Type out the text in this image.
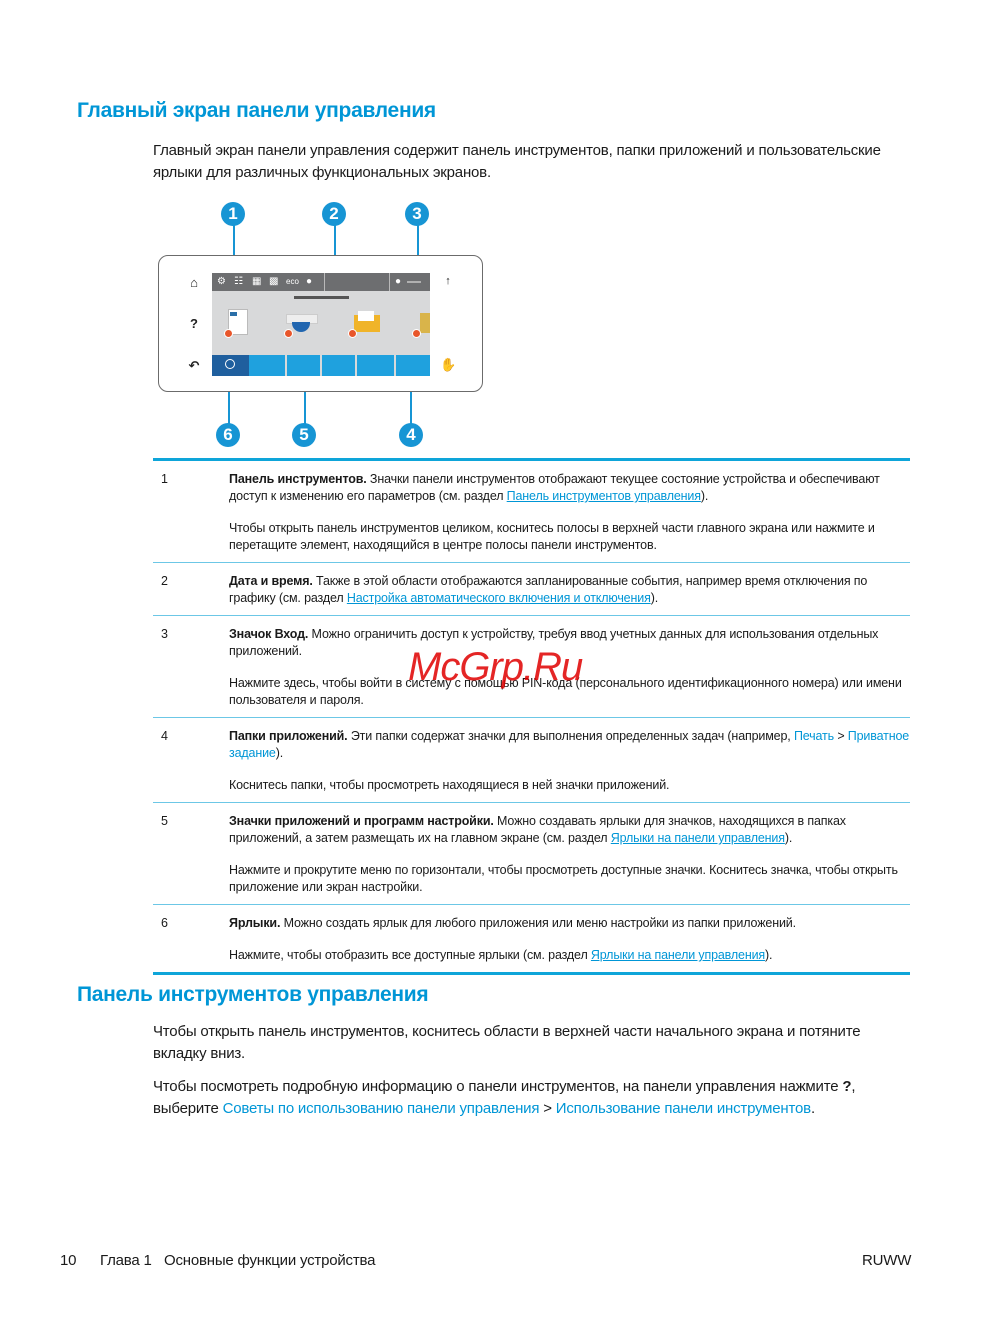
Главный экран панели управления
Главный экран панели управления содержит панель инструментов, папки приложений и пользовательские ярлыки для различных функциональных экранов.
1	2	3
4
5
6
⌂
?
↶
↑
✋
⚙ ☷ ▦ ▩ eco ●	●
1	Панель инструментов. Значки панели инструментов отображают текущее состояние устройства и обеспечивают доступ к изменению его параметров (см. раздел Панель инструментов управления).

Чтобы открыть панель инструментов целиком, коснитесь полосы в верхней части главного экрана или нажмите и перетащите элемент, находящийся в центре полосы панели инструментов.

2	Дата и время. Также в этой области отображаются запланированные события, например время отключения по графику (см. раздел Настройка автоматического включения и отключения).

3	Значок Вход. Можно ограничить доступ к устройству, требуя ввод учетных данных для использования отдельных приложений.

Нажмите здесь, чтобы войти в систему с помощью PIN-кода (персонального идентификационного номера) или имени пользователя и пароля.

4	Папки приложений. Эти папки содержат значки для выполнения определенных задач (например, Печать > Приватное задание).

Коснитесь папки, чтобы просмотреть находящиеся в ней значки приложений.

5	Значки приложений и программ настройки. Можно создавать ярлыки для значков, находящихся в папках приложений, а затем размещать их на главном экране (см. раздел Ярлыки на панели управления).

Нажмите и прокрутите меню по горизонтали, чтобы просмотреть доступные значки. Коснитесь значка, чтобы открыть приложение или экран настройки.

6	Ярлыки. Можно создать ярлык для любого приложения или меню настройки из папки приложений.

Нажмите, чтобы отобразить все доступные ярлыки (см. раздел Ярлыки на панели управления).

McGrp.Ru
Панель инструментов управления
Чтобы открыть панель инструментов, коснитесь области в верхней части начального экрана и потяните вкладку вниз.
Чтобы посмотреть подробную информацию о панели инструментов, на панели управления нажмите ?, выберите Советы по использованию панели управления > Использование панели инструментов.
10 Глава 1 Основные функции устройства	RUWW
